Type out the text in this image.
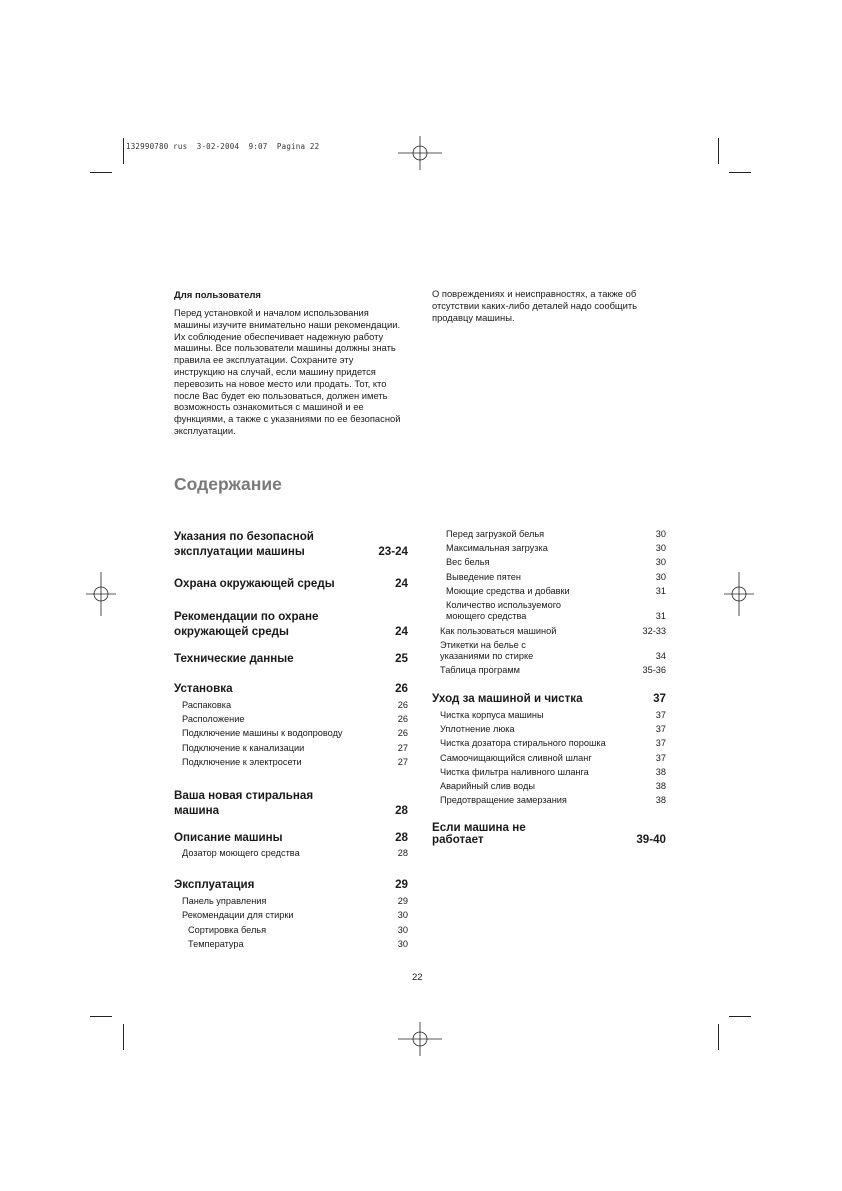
132990780 rus  3-02-2004  9:07  Pagina 22
Для пользователя

Перед установкой и началом использования машины изучите внимательно наши рекомендации. Их соблюдение обеспечивает надежную работу машины. Все пользователи машины должны знать правила ее эксплуатации. Сохраните эту инструкцию на случай, если машину придется перевозить на новое место или продать. Тот, кто после Вас будет ею пользоваться, должен иметь возможность ознакомиться с машиной и ее функциями, а также с указаниями по ее безопасной эксплуатации.

О повреждениях и неисправностях, а также об отсутствии каких-либо деталей надо сообщить продавцу машины.

Содержание
Указания по безопасной эксплуатации машины	23-24
Охрана окружающей среды	24
Рекомендации по охране окружающей среды	24
Технические данные	25
Установка	26
Распаковка	26
Расположение	26
Подключение машины к водопроводу	26
Подключение к канализации	27
Подключение к электросети	27
Ваша новая стиральная машина	28
Описание машины	28
Дозатор моющего средства	28
Эксплуатация	29
Панель управления	29
Рекомендации для стирки	30
Сортировка белья	30
Температура	30
Перед загрузкой белья	30
Максимальная загрузка	30
Вес белья	30
Выведение пятен	30
Моющие средства и добавки	31
Количество используемого моющего средства	31
Как пользоваться машиной	32-33
Этикетки на белье с указаниями по стирке	34
Таблица программ	35-36
Уход за машиной и чистка	37
Чистка корпуса машины	37
Уплотнение люка	37
Чистка дозатора стирального порошка	37
Самоочищающийся сливной шланг	37
Чистка фильтра наливного шланга	38
Аварийный слив воды	38
Предотвращение замерзания	38
Если машина не работает	39-40
22
